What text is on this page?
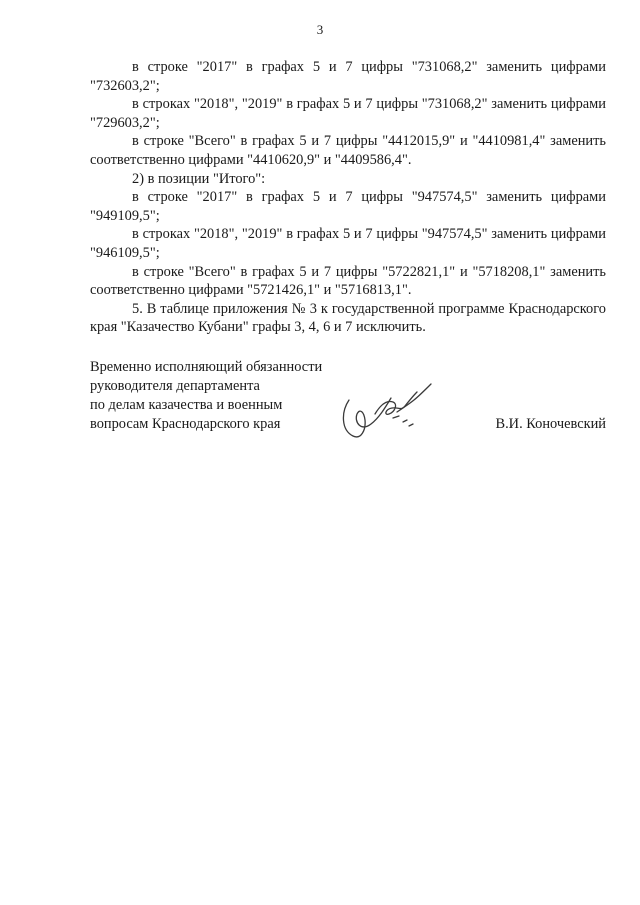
3

в строке "2017" в графах 5 и 7 цифры "731068,2" заменить цифрами "732603,2";

в строках "2018", "2019" в графах 5 и 7 цифры "731068,2" заменить цифрами "729603,2";

в строке "Всего" в графах 5 и 7 цифры "4412015,9" и "4410981,4" заменить соответственно цифрами "4410620,9" и "4409586,4".

2) в позиции "Итого":

в строке "2017" в графах 5 и 7 цифры "947574,5" заменить цифрами "949109,5";

в строках "2018", "2019" в графах 5 и 7 цифры "947574,5" заменить цифрами "946109,5";

в строке "Всего" в графах 5 и 7 цифры "5722821,1" и "5718208,1" заменить соответственно цифрами "5721426,1" и "5716813,1".

5. В таблице приложения № 3 к государственной программе Краснодарского края "Казачество Кубани" графы 3, 4, 6 и 7 исключить.

Временно исполняющий обязанности
руководителя департамента
по делам казачества и военным
вопросам Краснодарского края	В.И. Коночевский
